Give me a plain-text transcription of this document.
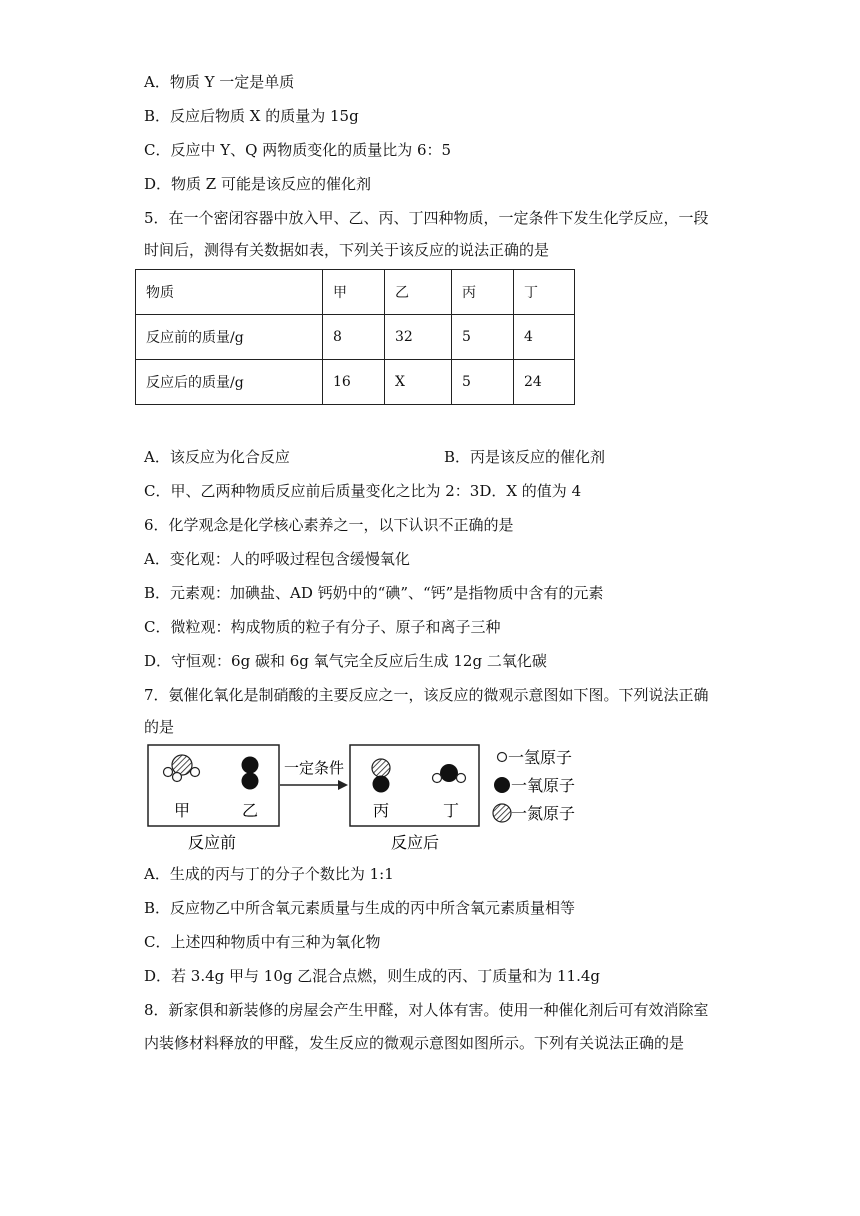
A．物质 Y 一定是单质
B．反应后物质 X 的质量为 15g
C．反应中 Y、Q 两物质变化的质量比为 6：5
D．物质 Z 可能是该反应的催化剂
5．在一个密闭容器中放入甲、乙、丙、丁四种物质，一定条件下发生化学反应，一段
时间后，测得有关数据如表，下列关于该反应的说法正确的是
物质	甲	乙	丙	丁
反应前的质量/g	8	32	5	4
反应后的质量/g	16	X	5	24
A．该反应为化合反应	B．丙是该反应的催化剂
C．甲、乙两种物质反应前后质量变化之比为 2：3D．X 的值为 4
6．化学观念是化学核心素养之一，以下认识不正确的是
A．变化观：人的呼吸过程包含缓慢氧化
B．元素观：加碘盐、AD 钙奶中的“碘”、“钙”是指物质中含有的元素
C．微粒观：构成物质的粒子有分子、原子和离子三种
D．守恒观：6g 碳和 6g 氧气完全反应后生成 12g 二氧化碳
7．氨催化氧化是制硝酸的主要反应之一，该反应的微观示意图如下图。下列说法正确
的是
甲	乙
反应前
一定条件
丙	丁
反应后
一氢原子
一氧原子
一氮原子
A．生成的丙与丁的分子个数比为 1:1
B．反应物乙中所含氧元素质量与生成的丙中所含氧元素质量相等
C．上述四种物质中有三种为氧化物
D．若 3.4g 甲与 10g 乙混合点燃，则生成的丙、丁质量和为 11.4g
8．新家俱和新装修的房屋会产生甲醛，对人体有害。使用一种催化剂后可有效消除室
内装修材料释放的甲醛，发生反应的微观示意图如图所示。下列有关说法正确的是
